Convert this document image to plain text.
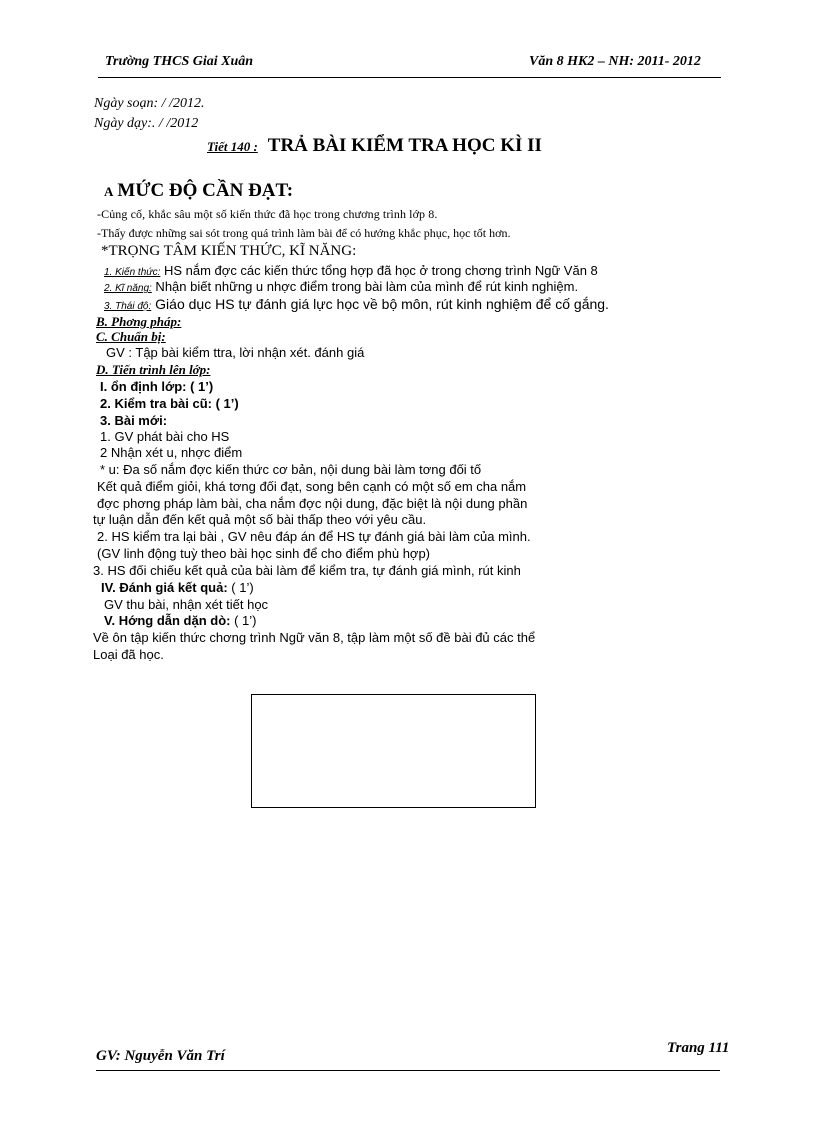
Trường THCS Giai Xuân	Văn 8 HK2 – NH: 2011- 2012
Ngày soạn: / /2012.
Ngày dạy:. / /2012
Tiết 140 : TRẢ BÀI KIỂM TRA HỌC KÌ II
A MỨC ĐỘ CẦN ĐẠT:
-Củng cố, khắc sâu một số kiến thức đã học trong chương trình lớp 8.
-Thấy được những sai sót trong quá trình làm bài để có hướng khắc phục, học tốt hơn.
*TRỌNG TÂM KIẾN THỨC, KĨ NĂNG:
1. Kiến thức: HS nắm đợc các kiến thức tổng hợp đã học ở trong chơng trình Ngữ Văn 8
2. Kĩ năng: Nhận biết những u nhợc điểm trong bài làm của mình để rút kinh nghiệm.
3. Thái độ: Giáo dục HS tự đánh giá lực học về bộ môn, rút kinh nghiệm để cố gắng.
B. Phơng pháp:
C. Chuẩn bị:
GV : Tập bài kiểm ttra, lời nhận xét. đánh giá
D. Tiến trình lên lớp:
I. ổn định lớp: ( 1’)
2. Kiểm tra bài cũ: ( 1’)
3. Bài mới:
1. GV phát bài cho HS
2 Nhận xét u, nhợc điểm
* u: Đa số nắm đợc kiến thức cơ bản, nội dung bài làm tơng đối tố
Kết quả điểm giỏi, khá tơng đối đạt, song bên cạnh có một số em cha nắm
đợc phơng pháp làm bài, cha nắm đợc nội dung, đặc biệt là nội dung phần
tự luận dẫn đến kết quả một số bài thấp theo với yêu cầu.
2. HS kiểm tra lại bài , GV nêu đáp án để HS tự đánh giá bài làm của mình.
(GV linh động tuỳ theo bài học sinh để cho điểm phù hợp)
3. HS đối chiếu kết quả của bài làm để kiểm tra, tự đánh giá mình, rút kinh
IV. Đánh giá kết quả: ( 1’)
GV thu bài, nhận xét tiết học
V. Hớng dẫn dặn dò: ( 1’)
Về ôn tập kiến thức chơng trình Ngữ văn 8, tập làm một số đề bài đủ các thể
Loại đã học.
GV: Nguyễn Văn Trí	Trang 111
